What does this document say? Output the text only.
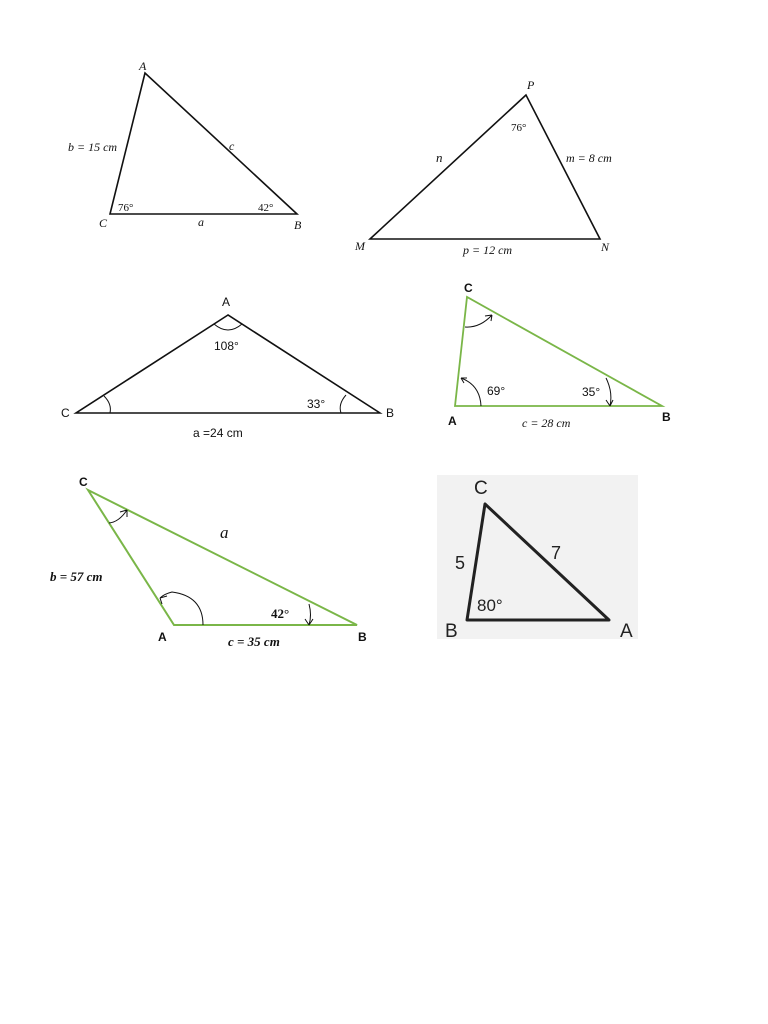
A
C	B
b = 15 cm	c
a
76°	42°
P
M	N
n	m = 8 cm
p = 12 cm
76°
A
C	B
108°
33°
a =24 cm
C
A	B
69°	35°
c = 28 cm
C
A	B
a
b = 57 cm
c = 35 cm
42°
C
B	A
5	7
80°
